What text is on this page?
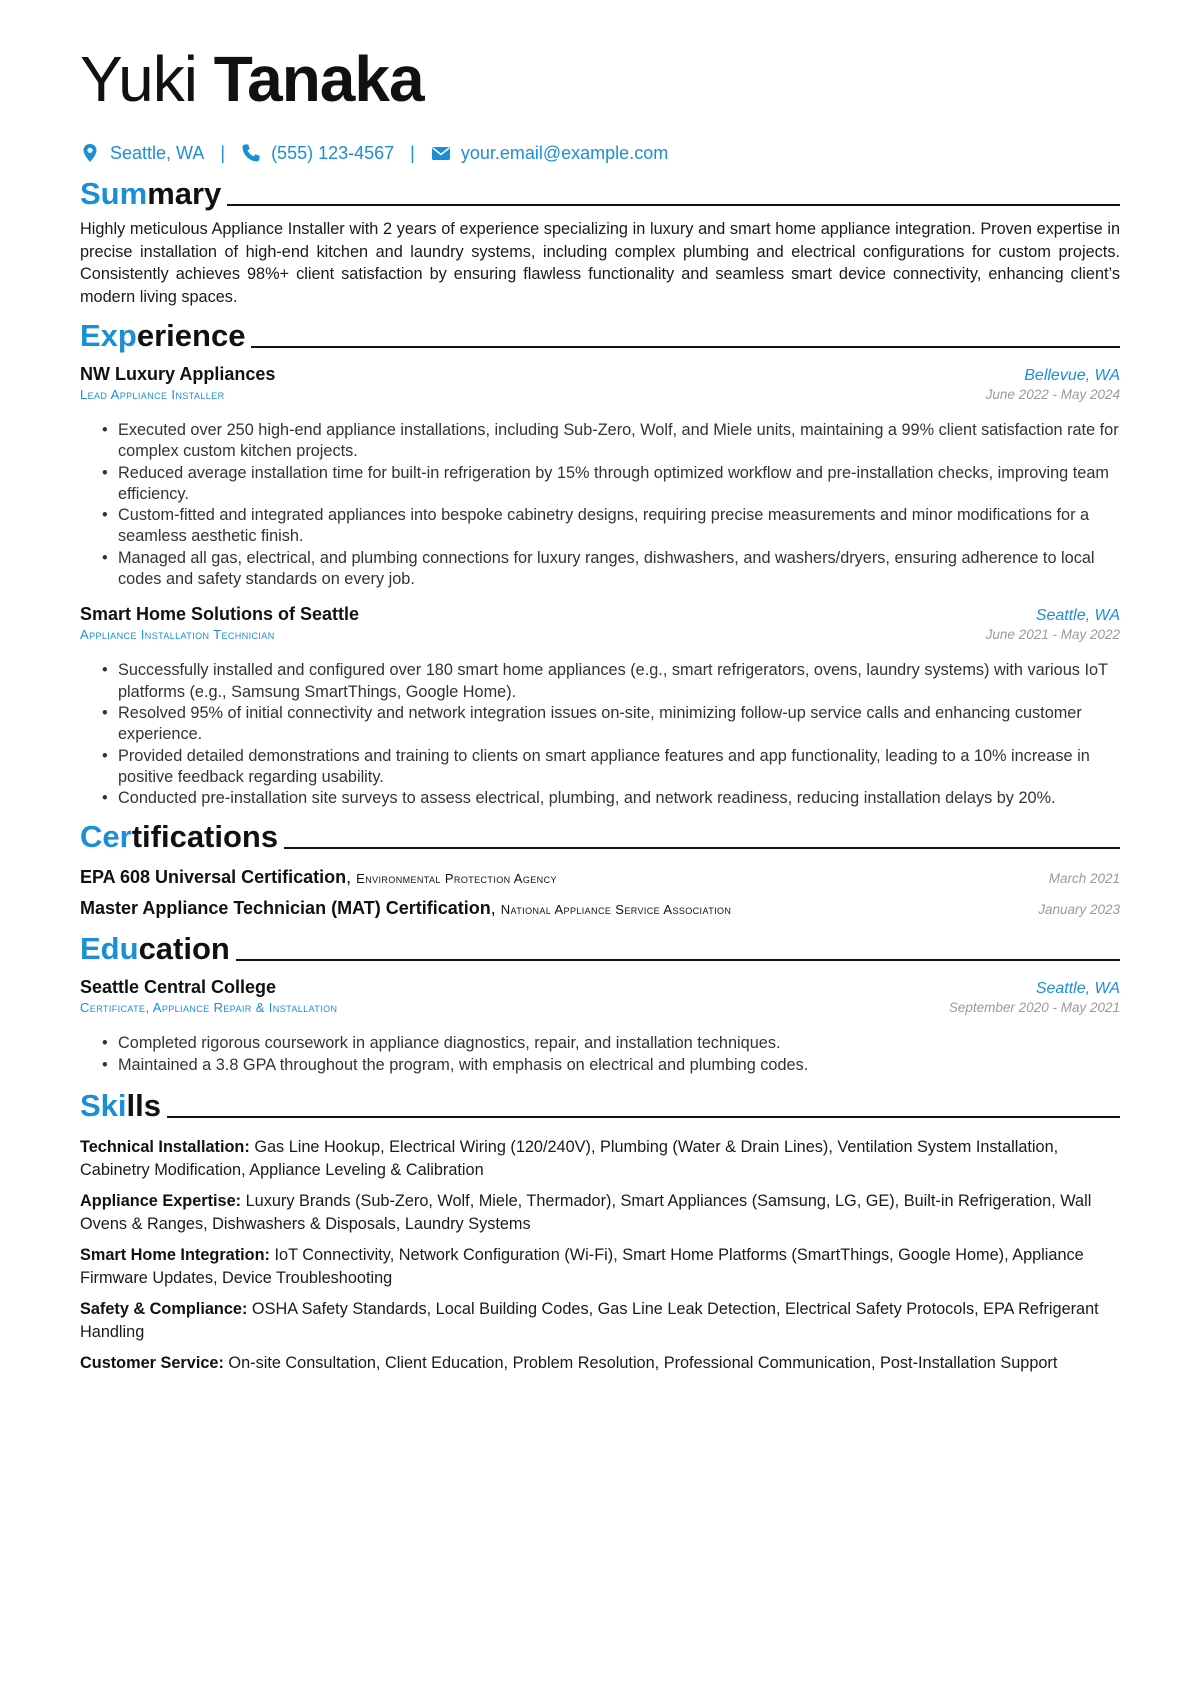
Yuki Tanaka
Seattle, WA |	(555) 123-4567 |	your.email@example.com
Sum mary

Highly meticulous Appliance Installer with 2 years of experience specializing in luxury and smart home appliance integration. Proven expertise in precise installation of high-end kitchen and laundry systems, including complex plumbing and electrical configurations for custom projects. Consistently achieves 98%+ client satisfaction by ensuring flawless functionality and seamless smart device connectivity, enhancing client’s modern living spaces.

Exp erience
NW Luxury Appliances	Bellevue, WA
Lead Appliance Installer	June 2022 - May 2024
• Executed over 250 high-end appliance installations, including Sub-Zero, Wolf, and Miele units, maintaining a 99% client satisfaction rate for complex custom kitchen projects.
• Reduced average installation time for built-in refrigeration by 15% through optimized workflow and pre-installation checks, improving team efficiency.
• Custom-fitted and integrated appliances into bespoke cabinetry designs, requiring precise measurements and minor modifications for a seamless aesthetic finish.
• Managed all gas, electrical, and plumbing connections for luxury ranges, dishwashers, and washers/dryers, ensuring adherence to local codes and safety standards on every job.
Smart Home Solutions of Seattle	Seattle, WA
Appliance Installation Technician	June 2021 - May 2022
• Successfully installed and configured over 180 smart home appliances (e.g., smart refrigerators, ovens, laundry systems) with various IoT platforms (e.g., Samsung SmartThings, Google Home).
• Resolved 95% of initial connectivity and network integration issues on-site, minimizing follow-up service calls and enhancing customer experience.
• Provided detailed demonstrations and training to clients on smart appliance features and app functionality, leading to a 10% increase in positive feedback regarding usability.
• Conducted pre-installation site surveys to assess electrical, plumbing, and network readiness, reducing installation delays by 20%.
Cer tifications
EPA 608 Universal Certification, Environmental Protection Agency	March 2021
Master Appliance Technician (MAT) Certification, National Appliance Service Association	January 2023
Edu cation
Seattle Central College	Seattle, WA
Certificate, Appliance Repair & Installation	September 2020 - May 2021
• Completed rigorous coursework in appliance diagnostics, repair, and installation techniques.
• Maintained a 3.8 GPA throughout the program, with emphasis on electrical and plumbing codes.
Ski lls

Technical Installation: Gas Line Hookup, Electrical Wiring (120/240V), Plumbing (Water & Drain Lines), Ventilation System Installation, Cabinetry Modification, Appliance Leveling & Calibration

Appliance Expertise: Luxury Brands (Sub-Zero, Wolf, Miele, Thermador), Smart Appliances (Samsung, LG, GE), Built-in Refrigeration, Wall Ovens & Ranges, Dishwashers & Disposals, Laundry Systems

Smart Home Integration: IoT Connectivity, Network Configuration (Wi-Fi), Smart Home Platforms (SmartThings, Google Home), Appliance Firmware Updates, Device Troubleshooting

Safety & Compliance: OSHA Safety Standards, Local Building Codes, Gas Line Leak Detection, Electrical Safety Protocols, EPA Refrigerant Handling

Customer Service: On-site Consultation, Client Education, Problem Resolution, Professional Communication, Post-Installation Support
